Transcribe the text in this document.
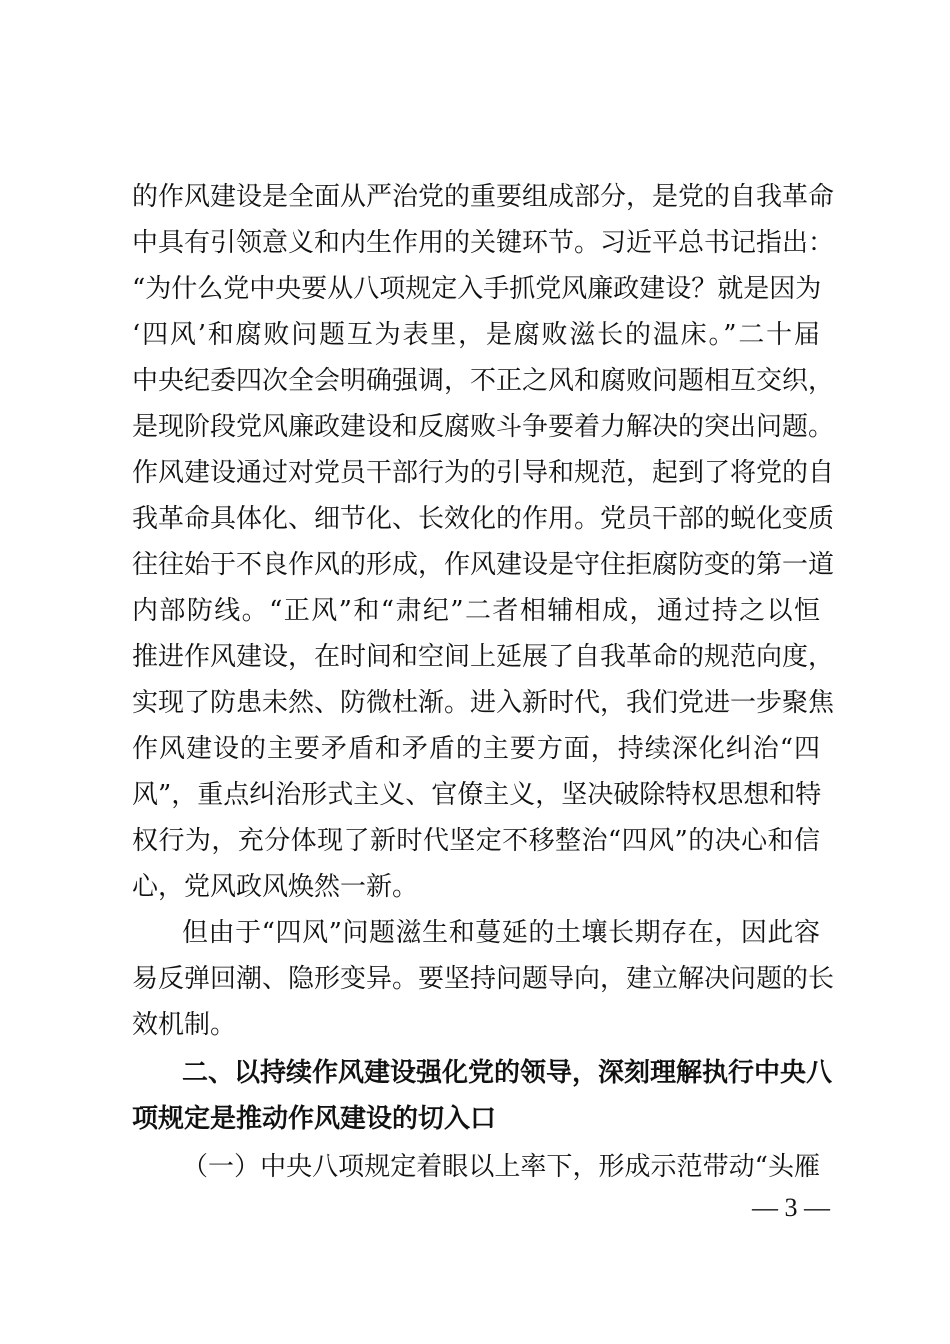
的作风建设是全面从严治党的重要组成部分，是党的自我革命
中具有引领意义和内生作用的关键环节。习近平总书记指出：
“为什么党中央要从八项规定入手抓党风廉政建设？就是因为
‘四风’和腐败问题互为表里，是腐败滋长的温床。”二十届
中央纪委四次全会明确强调，不正之风和腐败问题相互交织，
是现阶段党风廉政建设和反腐败斗争要着力解决的突出问题。
作风建设通过对党员干部行为的引导和规范，起到了将党的自
我革命具体化、细节化、长效化的作用。党员干部的蜕化变质
往往始于不良作风的形成，作风建设是守住拒腐防变的第一道
内部防线。“正风”和“肃纪”二者相辅相成，通过持之以恒
推进作风建设，在时间和空间上延展了自我革命的规范向度，
实现了防患未然、防微杜渐。进入新时代，我们党进一步聚焦
作风建设的主要矛盾和矛盾的主要方面，持续深化纠治“四
风”，重点纠治形式主义、官僚主义，坚决破除特权思想和特
权行为，充分体现了新时代坚定不移整治“四风”的决心和信
心，党风政风焕然一新。
但由于“四风”问题滋生和蔓延的土壤长期存在，因此容
易反弹回潮、隐形变异。要坚持问题导向，建立解决问题的长
效机制。
二、以持续作风建设强化党的领导，深刻理解执行中央八
项规定是推动作风建设的切入口
（一）中央八项规定着眼以上率下，形成示范带动“头雁
— 3 —
